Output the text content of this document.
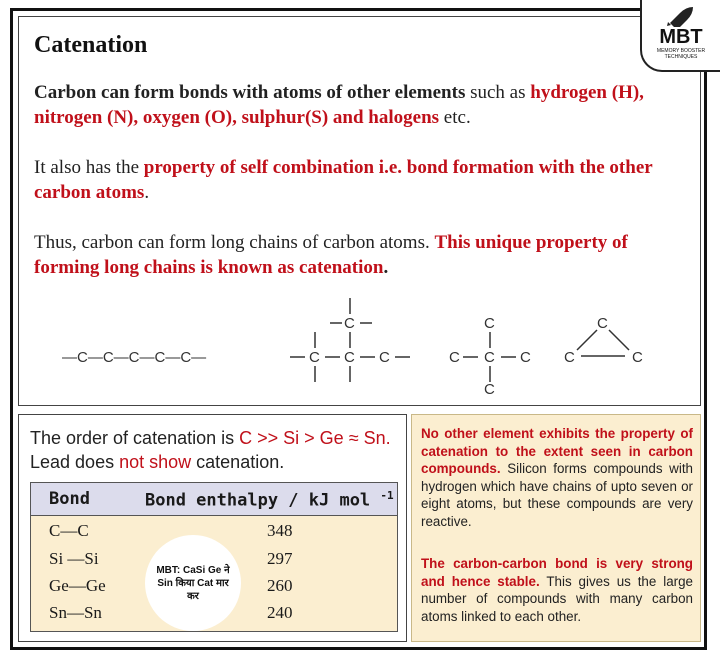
Catenation
Carbon can form bonds with atoms of other elements such as hydrogen (H), nitrogen (N), oxygen (O), sulphur(S) and halogens etc.
It also has the property of self combination i.e. bond formation with the other carbon atoms.
Thus, carbon can form long chains of carbon atoms. This unique property of forming long chains is known as catenation.
—C—C—C—C—C—
C
C C C
C
C C C
C
C
C	C
The order of catenation is C >> Si > Ge ≈ Sn. Lead does not show catenation.
Bond	Bond enthalpy / kJ mol $^{-1}$
C—C	348
Si —Si	297
Ge—Ge	260
Sn—Sn	240
MBT: CaSi Ge ने Sin किया Cat मार कर
No other element exhibits the property of catenation to the extent seen in carbon compounds. Silicon forms compounds with hydrogen which have chains of upto seven or eight atoms, but these compounds are very reactive.
The carbon-carbon bond is very strong and hence stable. This gives us the large number of compounds with many carbon atoms linked to each other.
MBT
MEMORY BOOSTER TECHNIQUES
